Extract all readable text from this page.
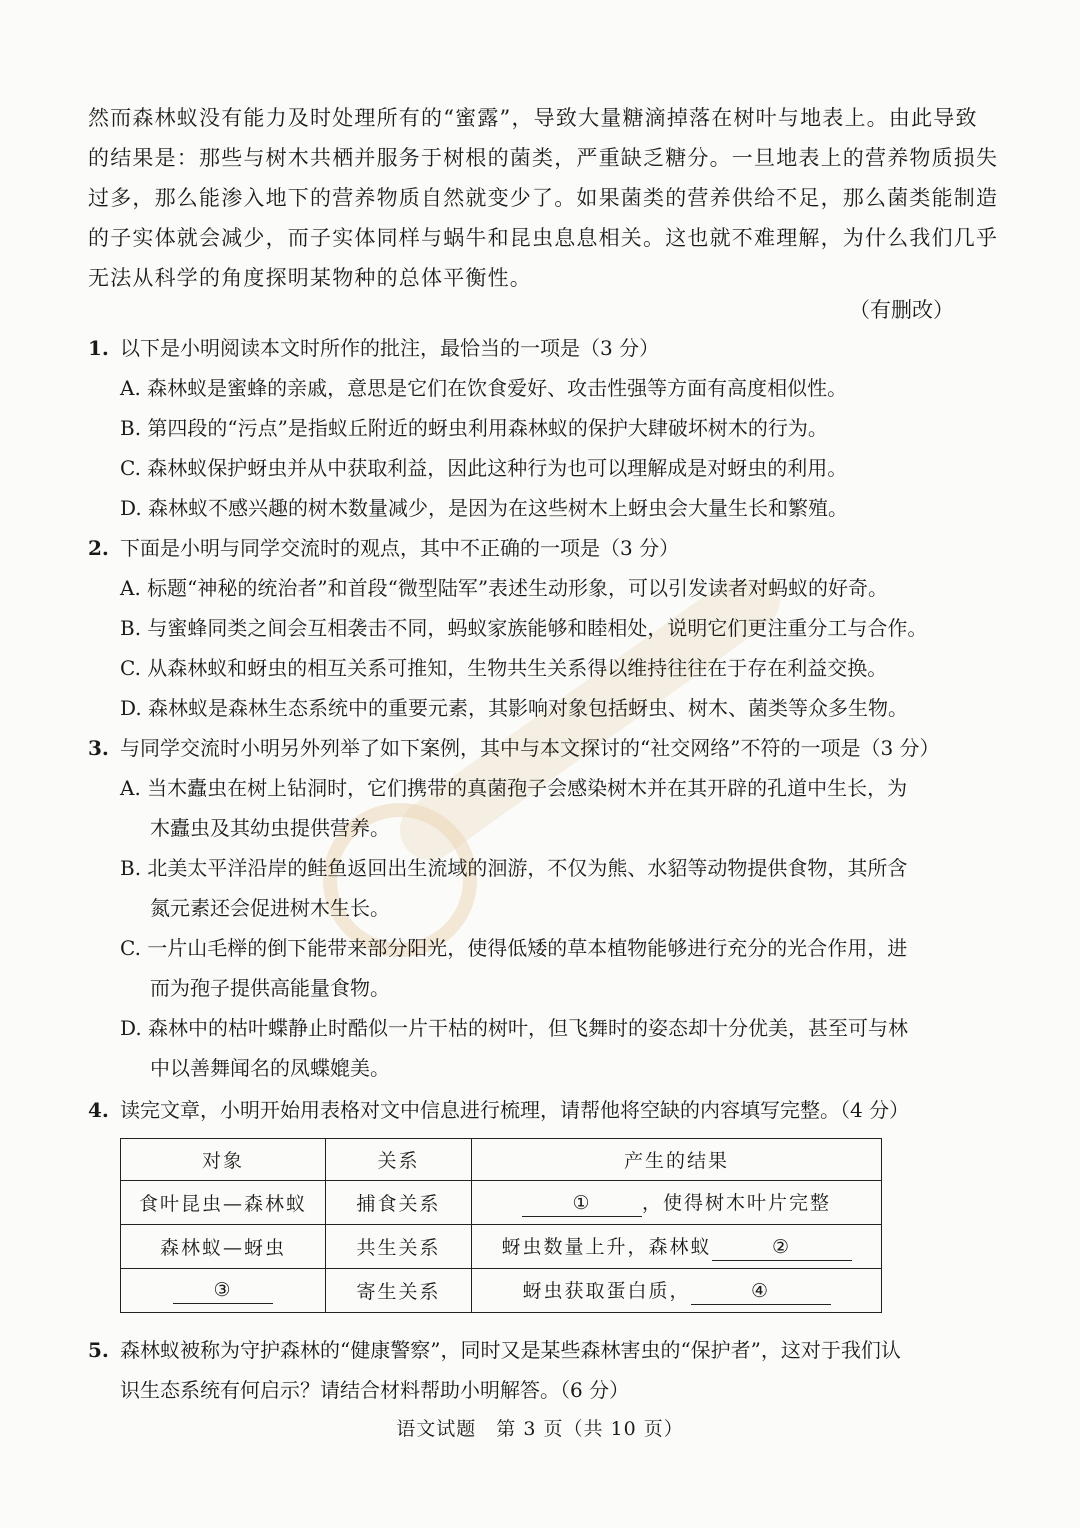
然而森林蚁没有能力及时处理所有的“蜜露”，导致大量糖滴掉落在树叶与地表上。由此导致
的结果是：那些与树木共栖并服务于树根的菌类，严重缺乏糖分。一旦地表上的营养物质损失
过多，那么能渗入地下的营养物质自然就变少了。如果菌类的营养供给不足，那么菌类能制造
的子实体就会减少，而子实体同样与蜗牛和昆虫息息相关。这也就不难理解，为什么我们几乎
无法从科学的角度探明某物种的总体平衡性。
（有删改）
1. 以下是小明阅读本文时所作的批注，最恰当的一项是（3 分）
A. 森林蚁是蜜蜂的亲戚，意思是它们在饮食爱好、攻击性强等方面有高度相似性。
B. 第四段的“污点”是指蚁丘附近的蚜虫利用森林蚁的保护大肆破坏树木的行为。
C. 森林蚁保护蚜虫并从中获取利益，因此这种行为也可以理解成是对蚜虫的利用。
D. 森林蚁不感兴趣的树木数量减少，是因为在这些树木上蚜虫会大量生长和繁殖。
2. 下面是小明与同学交流时的观点，其中不正确的一项是（3 分）
A. 标题“神秘的统治者”和首段“微型陆军”表述生动形象，可以引发读者对蚂蚁的好奇。
B. 与蜜蜂同类之间会互相袭击不同，蚂蚁家族能够和睦相处，说明它们更注重分工与合作。
C. 从森林蚁和蚜虫的相互关系可推知，生物共生关系得以维持往往在于存在利益交换。
D. 森林蚁是森林生态系统中的重要元素，其影响对象包括蚜虫、树木、菌类等众多生物。
3. 与同学交流时小明另外列举了如下案例，其中与本文探讨的“社交网络”不符的一项是（3 分）
A. 当木蠹虫在树上钻洞时，它们携带的真菌孢子会感染树木并在其开辟的孔道中生长，为
木蠹虫及其幼虫提供营养。
B. 北美太平洋沿岸的鲑鱼返回出生流域的洄游，不仅为熊、水貂等动物提供食物，其所含
氮元素还会促进树木生长。
C. 一片山毛榉的倒下能带来部分阳光，使得低矮的草本植物能够进行充分的光合作用，进
而为孢子提供高能量食物。
D. 森林中的枯叶蝶静止时酷似一片干枯的树叶，但飞舞时的姿态却十分优美，甚至可与林
中以善舞闻名的凤蝶媲美。
4. 读完文章，小明开始用表格对文中信息进行梳理，请帮他将空缺的内容填写完整。（4 分）
对象	关系	产生的结果
食叶昆虫—森林蚁	捕食关系	① ，使得树木叶片完整
森林蚁—蚜虫	共生关系	蚜虫数量上升，森林蚁 ②
③	寄生关系	蚜虫获取蛋白质， ④
5. 森林蚁被称为守护森林的“健康警察”，同时又是某些森林害虫的“保护者”，这对于我们认
识生态系统有何启示？请结合材料帮助小明解答。（6 分）
语文试题　第 3 页（共 10 页）
